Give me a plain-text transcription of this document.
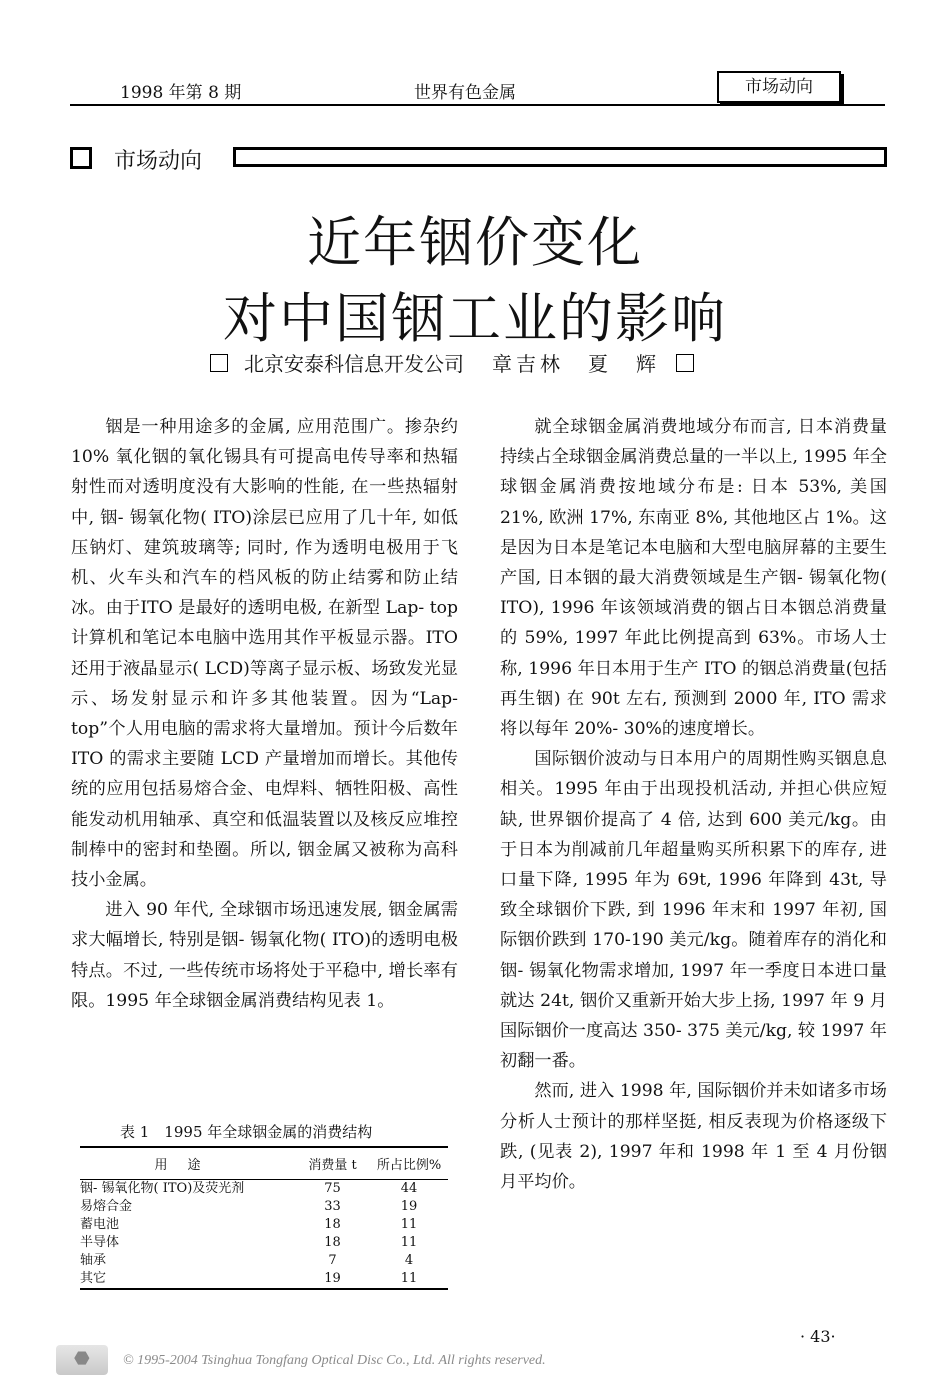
1998 年第 8 期	世界有色金属	市场动向
市场动向
近年铟价变化
对中国铟工业的影响
北京安泰科信息开发公司 章吉林　夏　辉

铟是一种用途多的金属, 应用范围广。掺杂约 10% 氧化铟的氧化锡具有可提高电传导率和热辐射性而对透明度没有大影响的性能, 在一些热辐射中, 铟- 锡氧化物( ITO)涂层已应用了几十年, 如低压钠灯、建筑玻璃等; 同时, 作为透明电极用于飞机、火车头和汽车的档风板的防止结雾和防止结冰。由于ITO 是最好的透明电极, 在新型 Lap- top计算机和笔记本电脑中选用其作平板显示器。ITO 还用于液晶显示( LCD)等离子显示板、场致发光显示、场发射显示和许多其他装置。因为“Lap- top”个人用电脑的需求将大量增加。预计今后数年 ITO 的需求主要随 LCD 产量增加而增长。其他传统的应用包括易熔合金、电焊料、牺牲阳极、高性能发动机用轴承、真空和低温装置以及核反应堆控制棒中的密封和垫圈。所以, 铟金属又被称为高科技小金属。

进入 90 年代, 全球铟市场迅速发展, 铟金属需求大幅增长, 特别是铟- 锡氧化物( ITO)的透明电极特点。不过, 一些传统市场将处于平稳中, 增长率有限。1995 年全球铟金属消费结构见表 1。

表 1　1995 年全球铟金属的消费结构
用途	消费量 t	所占比例%
铟- 锡氧化物( ITO)及荧光剂	75	44
易熔合金	33	19
蓄电池	18	11
半导体	18	11
轴承	7	4
其它	19	11

就全球铟金属消费地域分布而言, 日本消费量持续占全球铟金属消费总量的一半以上, 1995 年全球铟金属消费按地域分布是: 日本 53%, 美国 21%, 欧洲 17%, 东南亚 8%, 其他地区占 1%。这是因为日本是笔记本电脑和大型电脑屏幕的主要生产国, 日本铟的最大消费领域是生产铟- 锡氧化物( ITO), 1996 年该领域消费的铟占日本铟总消费量的 59%, 1997 年此比例提高到 63%。市场人士称, 1996 年日本用于生产 ITO 的铟总消费量(包括再生铟) 在 90t 左右, 预测到 2000 年, ITO 需求将以每年 20%- 30%的速度增长。

国际铟价波动与日本用户的周期性购买铟息息相关。1995 年由于出现投机活动, 并担心供应短缺, 世界铟价提高了 4 倍, 达到 600 美元/kg。由于日本为削减前几年超量购买所积累下的库存, 进口量下降, 1995 年为 69t, 1996 年降到 43t, 导致全球铟价下跌, 到 1996 年末和 1997 年初, 国际铟价跌到 170-190 美元/kg。随着库存的消化和铟- 锡氧化物需求增加, 1997 年一季度日本进口量就达 24t, 铟价又重新开始大步上扬, 1997 年 9 月国际铟价一度高达 350- 375 美元/kg, 较 1997 年初翻一番。

然而, 进入 1998 年, 国际铟价并未如诸多市场分析人士预计的那样坚挺, 相反表现为价格逐级下跌, (见表 2), 1997 年和 1998 年 1 至 4 月份铟月平均价。

· 43·
⬣ © 1995-2004 Tsinghua Tongfang Optical Disc Co., Ltd. All rights reserved.
